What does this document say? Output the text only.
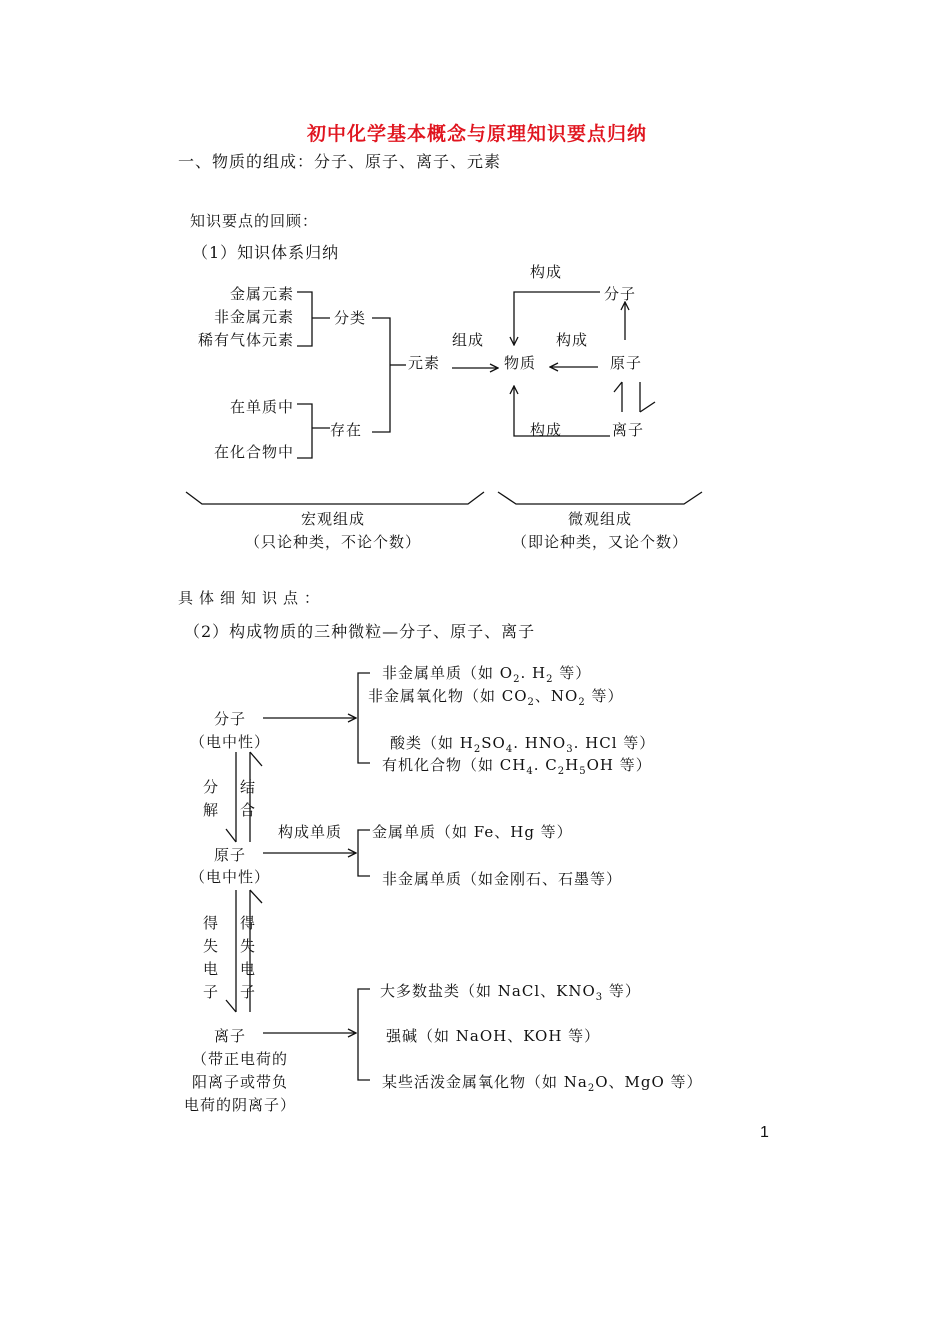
初中化学基本概念与原理知识要点归纳
一、物质的组成：分子、原子、离子、元素
知识要点的回顾：
（1）知识体系归纳
金属元素
非金属元素
稀有气体元素
分类
在单质中
在化合物中
存在
元素
组成
物质
构成
构成
构成
分子
原子
离子
宏观组成
（只论种类，不论个数）
微观组成
（即论种类，又论个数）
具体细知识点：
（2）构成物质的三种微粒—分子、原子、离子
分子
（电中性）
分
解
结
合
原子
（电中性）
得
失
电
子
得
失
电
子
离子
（带正电荷的
阳离子或带负
电荷的阴离子）
构成单质
非金属单质（如 $O_2$. $H_2$ 等）
非金属氧化物（如 $CO_2$、$NO_2$ 等）
酸类（如 $H_2SO_4$. $HNO_3$. HCl 等）
有机化合物（如 $CH_4$. $C_2H_5OH$ 等）
金属单质（如 Fe、Hg 等）
非金属单质（如金刚石、石墨等）
大多数盐类（如 NaCl、$KNO_3$ 等）
强碱（如 NaOH、KOH 等）
某些活泼金属氧化物（如 $Na_2O$、MgO 等）
1
